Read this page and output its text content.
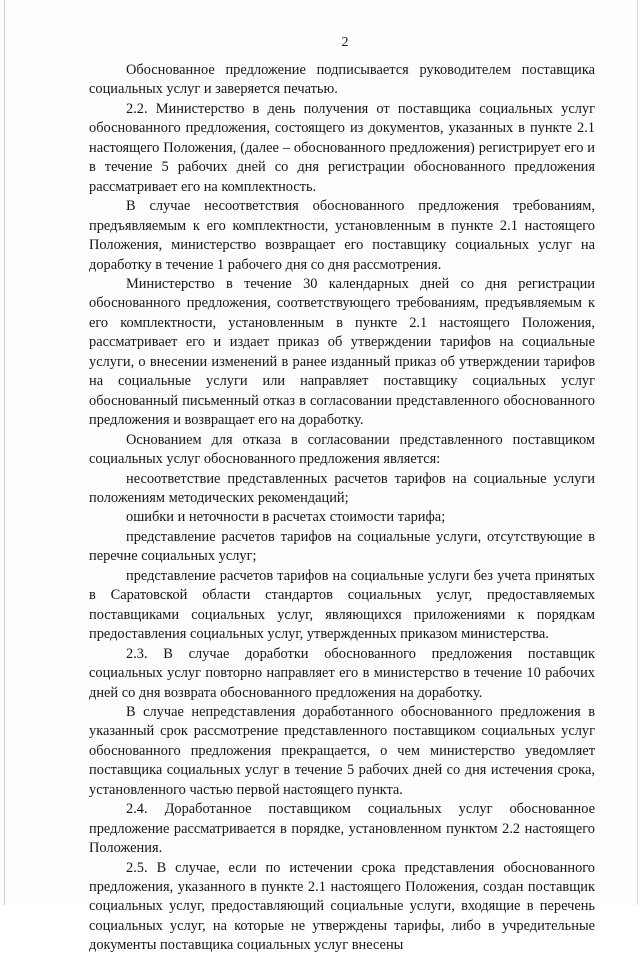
2

Обоснованное предложение подписывается руководителем поставщика социальных услуг и заверяется печатью.

2.2. Министерство в день получения от поставщика социальных услуг обоснованного предложения, состоящего из документов, указанных в пункте 2.1 настоящего Положения, (далее – обоснованного предложения) регистрирует его и в течение 5 рабочих дней со дня регистрации обоснованного предложения рассматривает его на комплектность.

В случае несоответствия обоснованного предложения требованиям, предъявляемым к его комплектности, установленным в пункте 2.1 настоящего Положения, министерство возвращает его поставщику социальных услуг на доработку в течение 1 рабочего дня со дня рассмотрения.

Министерство в течение 30 календарных дней со дня регистрации обоснованного предложения, соответствующего требованиям, предъявляемым к его комплектности, установленным в пункте 2.1 настоящего Положения, рассматривает его и издает приказ об утверждении тарифов на социальные услуги, о внесении изменений в ранее изданный приказ об утверждении тарифов на социальные услуги или направляет поставщику социальных услуг обоснованный письменный отказ в согласовании представленного обоснованного предложения и возвращает его на доработку.

Основанием для отказа в согласовании представленного поставщиком социальных услуг обоснованного предложения является:

несоответствие представленных расчетов тарифов на социальные услуги положениям методических рекомендаций;

ошибки и неточности в расчетах стоимости тарифа;

представление расчетов тарифов на социальные услуги, отсутствующие в перечне социальных услуг;

представление расчетов тарифов на социальные услуги без учета принятых в Саратовской области стандартов социальных услуг, предоставляемых поставщиками социальных услуг, являющихся приложениями к порядкам предоставления социальных услуг, утвержденных приказом министерства.

2.3. В случае доработки обоснованного предложения поставщик социальных услуг повторно направляет его в министерство в течение 10 рабочих дней со дня возврата обоснованного предложения на доработку.

В случае непредставления доработанного обоснованного предложения в указанный срок рассмотрение представленного поставщиком социальных услуг обоснованного предложения прекращается, о чем министерство уведомляет поставщика социальных услуг в течение 5 рабочих дней со дня истечения срока, установленного частью первой настоящего пункта.

2.4. Доработанное поставщиком социальных услуг обоснованное предложение рассматривается в порядке, установленном пунктом 2.2 настоящего Положения.

2.5. В случае, если по истечении срока представления обоснованного предложения, указанного в пункте 2.1 настоящего Положения, создан поставщик социальных услуг, предоставляющий социальные услуги, входящие в перечень социальных услуг, на которые не утверждены тарифы, либо в учредительные документы поставщика социальных услуг внесены
